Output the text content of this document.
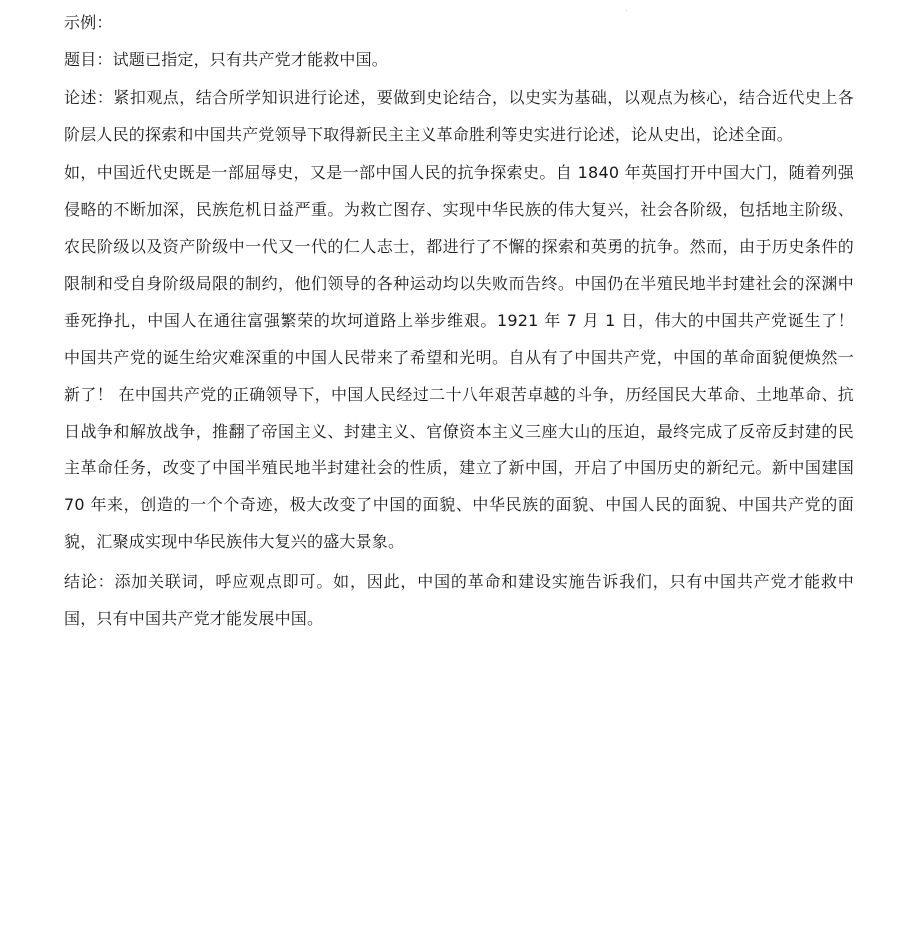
示例：

题目：试题已指定，只有共产党才能救中国。

论述：紧扣观点，结合所学知识进行论述，要做到史论结合，以史实为基础，以观点为核心，结合近代史上各阶层人民的探索和中国共产党领导下取得新民主主义革命胜利等史实进行论述，论从史出，论述全面。

如，中国近代史既是一部屈辱史，又是一部中国人民的抗争探索史。自 1840 年英国打开中国大门，随着列强侵略的不断加深，民族危机日益严重。为救亡图存、实现中华民族的伟大复兴，社会各阶级，包括地主阶级、农民阶级以及资产阶级中一代又一代的仁人志士，都进行了不懈的探索和英勇的抗争。然而，由于历史条件的限制和受自身阶级局限的制约，他们领导的各种运动均以失败而告终。中国仍在半殖民地半封建社会的深渊中垂死挣扎，中国人在通往富强繁荣的坎坷道路上举步维艰。1921 年 7 月 1 日，伟大的中国共产党诞生了！ 中国共产党的诞生给灾难深重的中国人民带来了希望和光明。自从有了中国共产党，中国的革命面貌便焕然一新了！ 在中国共产党的正确领导下，中国人民经过二十八年艰苦卓越的斗争，历经国民大革命、土地革命、抗日战争和解放战争，推翻了帝国主义、封建主义、官僚资本主义三座大山的压迫，最终完成了反帝反封建的民主革命任务，改变了中国半殖民地半封建社会的性质，建立了新中国，开启了中国历史的新纪元。新中国建国 70 年来，创造的一个个奇迹，极大改变了中国的面貌、中华民族的面貌、中国人民的面貌、中国共产党的面貌，汇聚成实现中华民族伟大复兴的盛大景象。

结论：添加关联词，呼应观点即可。如，因此，中国的革命和建设实施告诉我们，只有中国共产党才能救中国，只有中国共产党才能发展中国。
